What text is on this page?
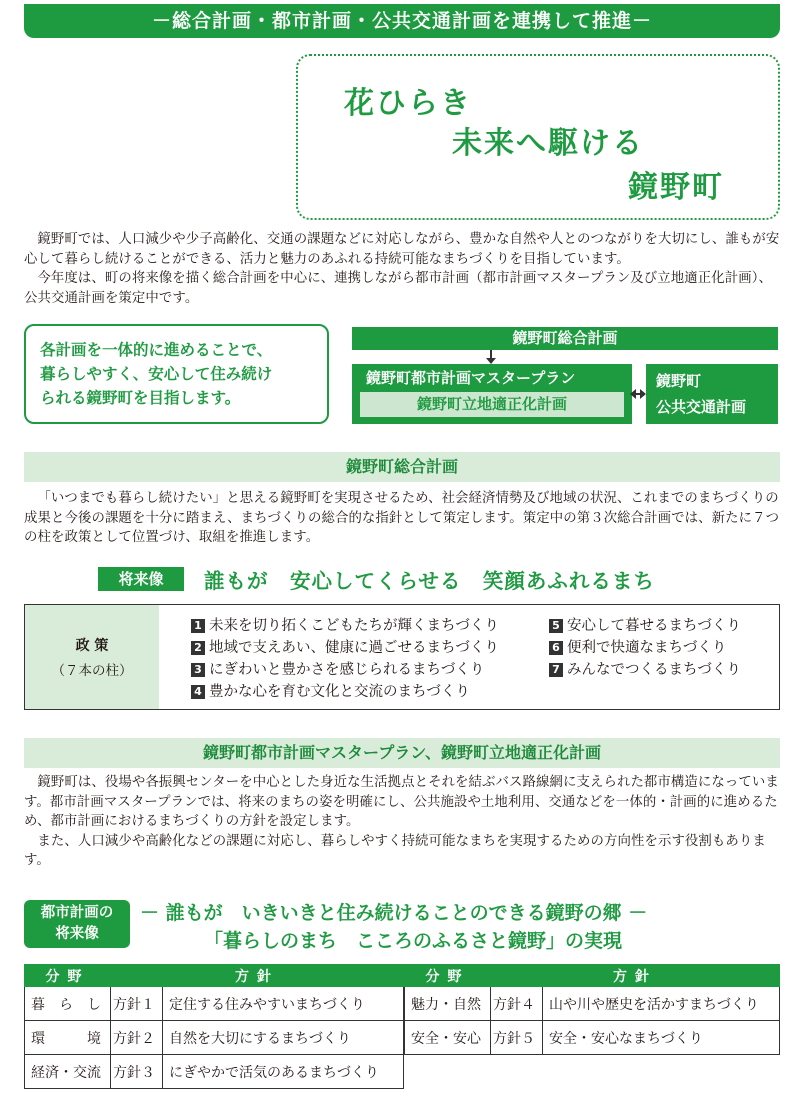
－総合計画・都市計画・公共交通計画を連携して推進－
花ひらき
未来へ駆ける
鏡野町

鏡野町では、人口減少や少子高齢化、交通の課題などに対応しながら、豊かな自然や人とのつながりを大切にし、誰もが安心して暮らし続けることができる、活力と魅力のあふれる持続可能なまちづくりを目指しています。

今年度は、町の将来像を描く総合計画を中心に、連携しながら都市計画（都市計画マスタープラン及び立地適正化計画）、公共交通計画を策定中です。

各計画を一体的に進めることで、
暮らしやすく、安心して住み続け
られる鏡野町を目指します。
鏡野町総合計画
鏡野町都市計画マスタープラン
鏡野町立地適正化計画
鏡野町
公共交通計画
鏡野町総合計画

「いつまでも暮らし続けたい」と思える鏡野町を実現させるため、社会経済情勢及び地域の状況、これまでのまちづくりの成果と今後の課題を十分に踏まえ、まちづくりの総合的な指針として策定します。策定中の第３次総合計画では、新たに７つの柱を政策として位置づけ、取組を推進します。

将来像	誰もが　安心してくらせる　笑顔あふれるまち
政 策
（７本の柱）
1 未来を切り拓くこどもたちが輝くまちづくり
2 地域で支えあい、健康に過ごせるまちづくり
3 にぎわいと豊かさを感じられるまちづくり
4 豊かな心を育む文化と交流のまちづくり
5 安心して暮せるまちづくり
6 便利で快適なまちづくり
7 みんなでつくるまちづくり
鏡野町都市計画マスタープラン、鏡野町立地適正化計画

鏡野町は、役場や各振興センターを中心とした身近な生活拠点とそれを結ぶバス路線網に支えられた都市構造になっています。都市計画マスタープランでは、将来のまちの姿を明確にし、公共施設や土地利用、交通などを一体的・計画的に進めるため、都市計画におけるまちづくりの方針を設定します。

また、人口減少や高齢化などの課題に対応し、暮らしやすく持続可能なまちを実現するための方向性を示す役割もあります。

都市計画の
将来像
－ 誰もが　いきいきと住み続けることのできる鏡野の郷 －
「暮らしのまち　こころのふるさと鏡野」の実現
分野	方針	
暮　ら　し	方針１	定住する住みやすいまちづくり
環　　　境	方針２	自然を大切にするまちづくり
経済・交流	方針３	にぎやかで活気のあるまちづくり
分野	方針	
魅力・自然	方針４	山や川や歴史を活かすまちづくり
安全・安心	方針５	安全・安心なまちづくり
